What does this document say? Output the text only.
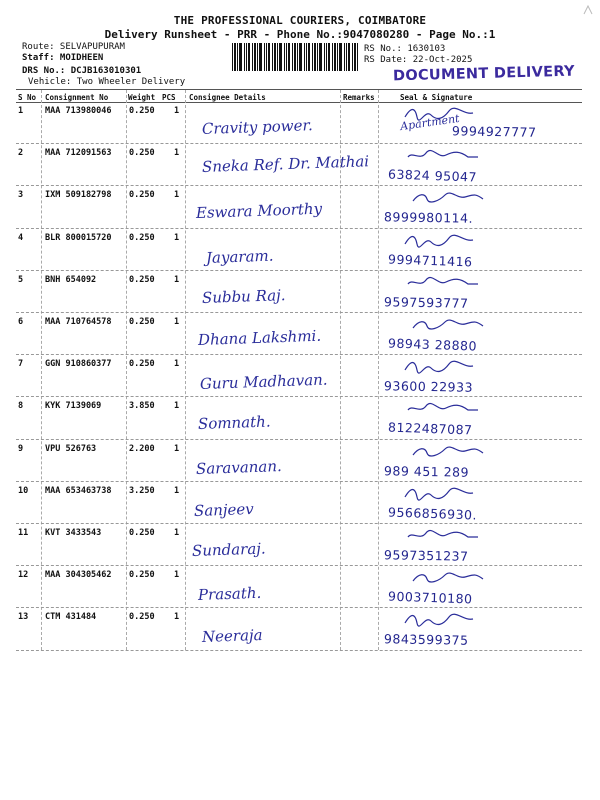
THE PROFESSIONAL COURIERS, COIMBATORE
Delivery Runsheet - PRR - Phone No.:9047080280 - Page No.:1
Route: SELVAPUPURAM
Staff: MOIDHEEN
DRS No.: DCJB163010301
Vehicle: Two Wheeler Delivery
RS No.: 1630103
RS Date: 22-Oct-2025
DOCUMENT DELIVERY
S No Consignment No	Weight PCS Consignee Details	Remarks	Seal & Signature
1	MAA 713980046 0.250 1
Cravity power.	Apartment
9994927777
2	MAA 712091563 0.250 1 Sneka Ref. Dr. Mathai 63824 95047
3	IXM 509182798 0.250 1
Eswara Moorthy	8999980114.
4	BLR 800015720 0.250 1
Jayaram.	9994711416
5	BNH 654092	0.250 1
Subbu Raj.	9597593777
6	MAA 710764578 0.250 1
Dhana Lakshmi.	98943 28880
7	GGN 910860377 0.250 1
Guru Madhavan.	93600 22933
8	KYK 7139069	3.850 1
Somnath.	8122487087
9	VPU 526763	2.200 1
Saravanan.	989 451 289
10 MAA 653463738 3.250 1
Sanjeev	9566856930.
11 KVT 3433543	0.250 1
Sundaraj.	9597351237
12 MAA 304305462 0.250 1
Prasath.	9003710180
13 CTM 431484	0.250 1
Neeraja	9843599375
